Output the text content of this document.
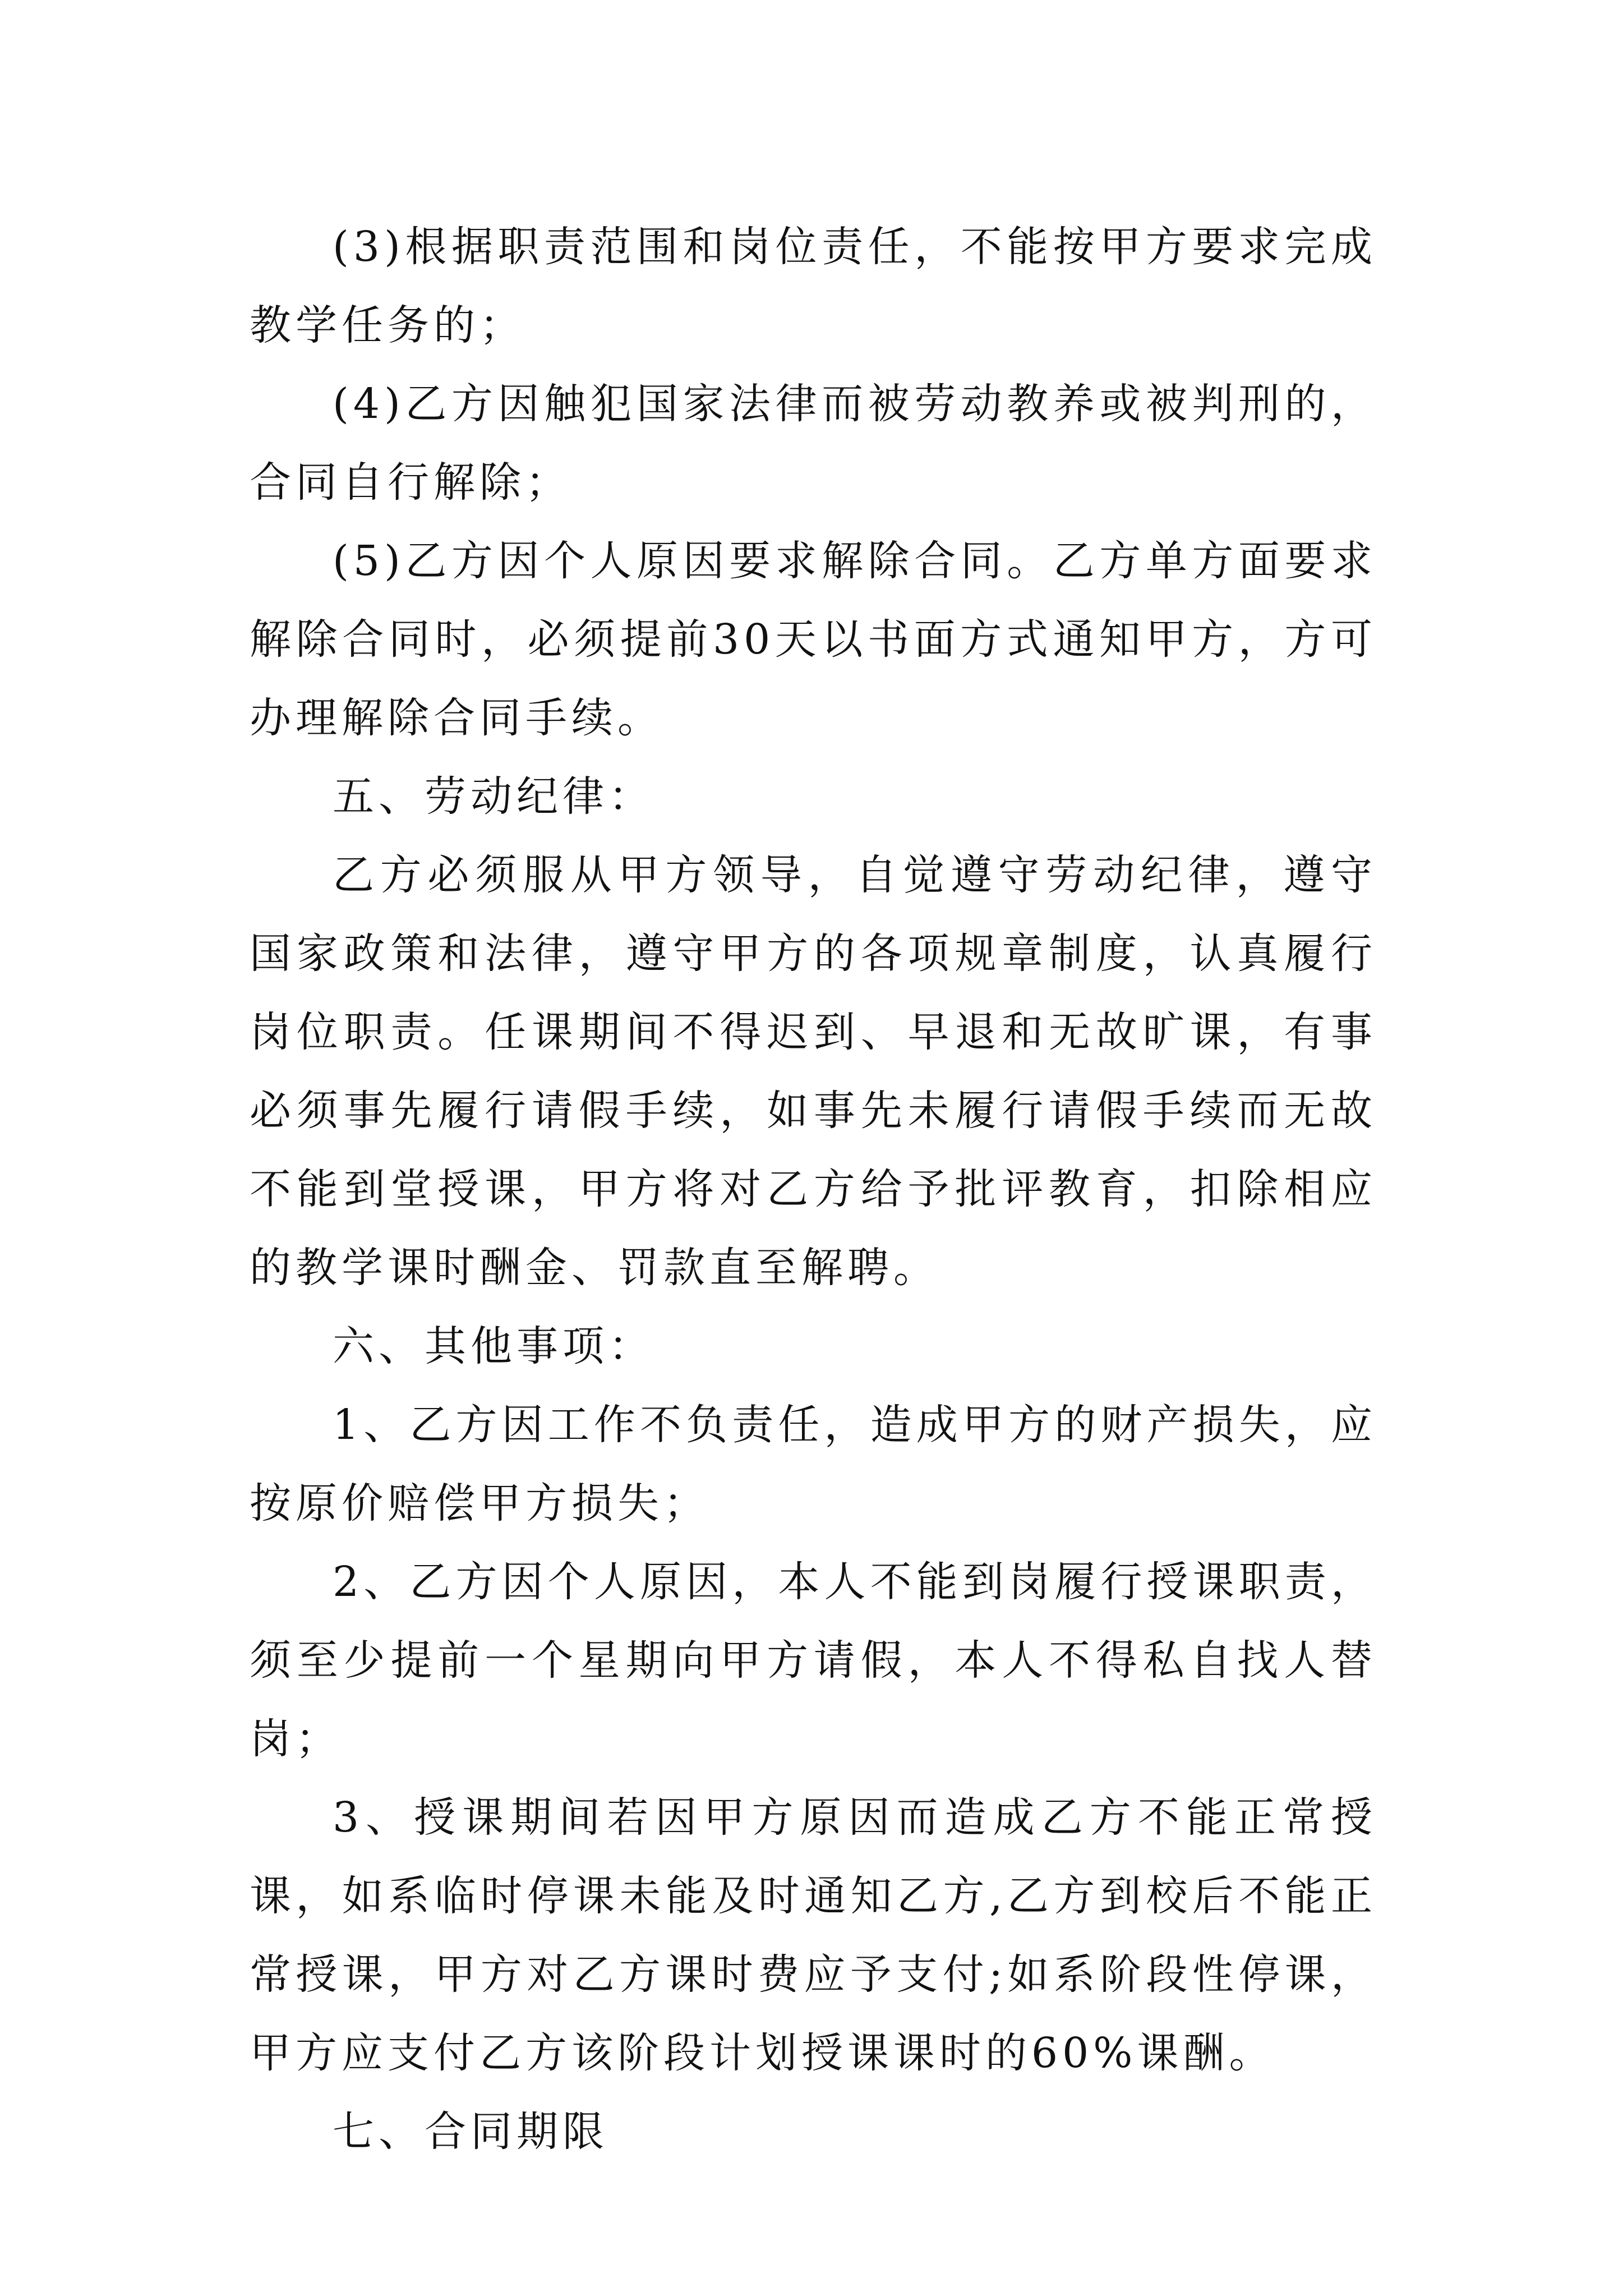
(3)根据职责范围和岗位责任，不能按甲方要求完成教学任务的；

(4)乙方因触犯国家法律而被劳动教养或被判刑的，合同自行解除；

(5)乙方因个人原因要求解除合同。乙方单方面要求解除合同时，必须提前30天以书面方式通知甲方，方可办理解除合同手续。

五、劳动纪律：

乙方必须服从甲方领导，自觉遵守劳动纪律，遵守国家政策和法律，遵守甲方的各项规章制度，认真履行岗位职责。任课期间不得迟到、早退和无故旷课，有事必须事先履行请假手续，如事先未履行请假手续而无故不能到堂授课，甲方将对乙方给予批评教育，扣除相应的教学课时酬金、罚款直至解聘。

六、其他事项：

1、乙方因工作不负责任，造成甲方的财产损失，应按原价赔偿甲方损失；

2、乙方因个人原因，本人不能到岗履行授课职责，须至少提前一个星期向甲方请假，本人不得私自找人替岗；

3、授课期间若因甲方原因而造成乙方不能正常授课，如系临时停课未能及时通知乙方,乙方到校后不能正常授课，甲方对乙方课时费应予支付;如系阶段性停课，甲方应支付乙方该阶段计划授课课时的60%课酬。

七、合同期限
